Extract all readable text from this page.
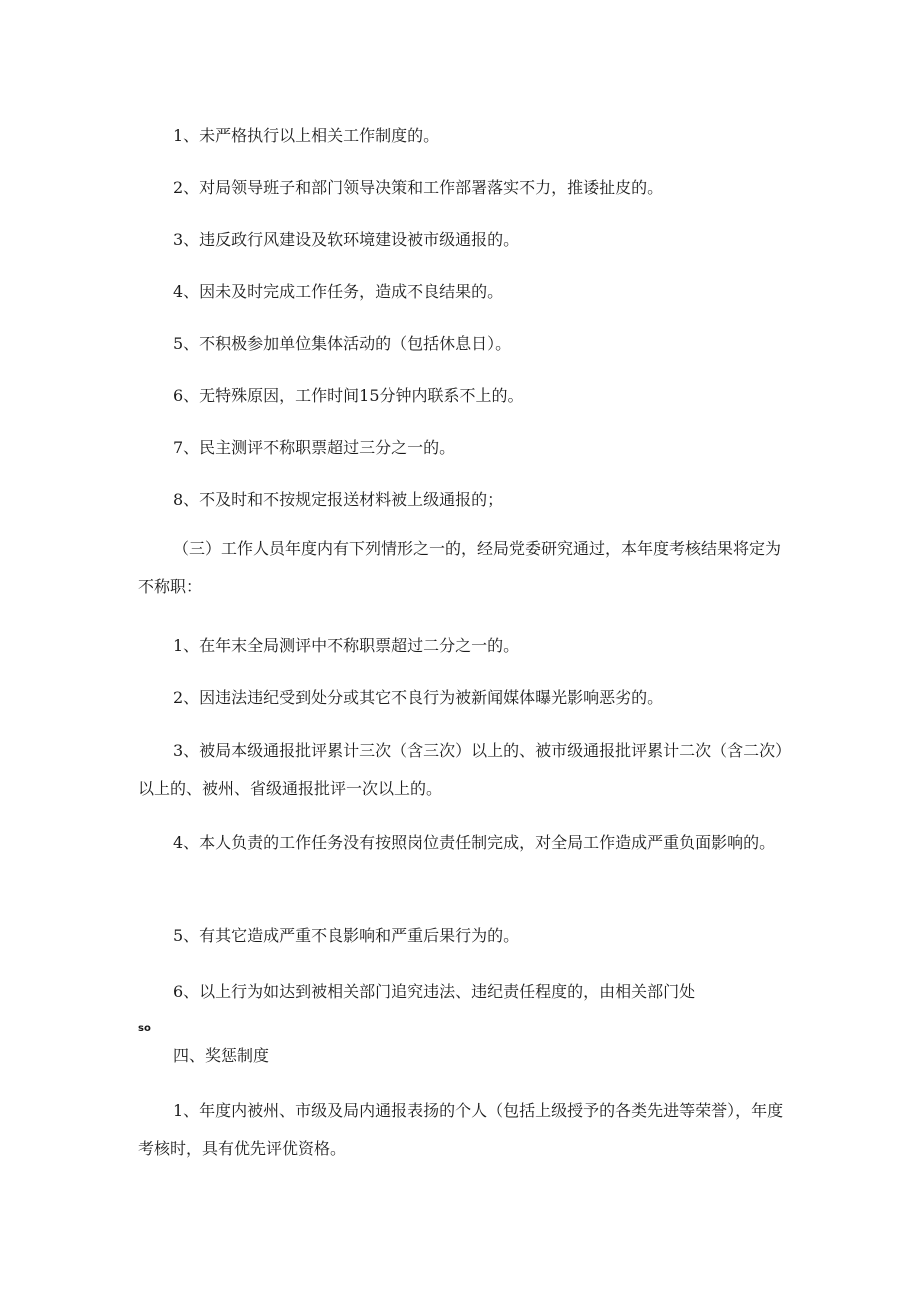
1、未严格执行以上相关工作制度的。
2、对局领导班子和部门领导决策和工作部署落实不力，推诿扯皮的。
3、违反政行风建设及软环境建设被市级通报的。
4、因未及时完成工作任务，造成不良结果的。
5、不积极参加单位集体活动的（包括休息日）。
6、无特殊原因，工作时间15分钟内联系不上的。
7、民主测评不称职票超过三分之一的。
8、不及时和不按规定报送材料被上级通报的；
（三）工作人员年度内有下列情形之一的，经局党委研究通过，本年度考核结果将定为不称职：
1、在年末全局测评中不称职票超过二分之一的。
2、因违法违纪受到处分或其它不良行为被新闻媒体曝光影响恶劣的。
3、被局本级通报批评累计三次（含三次）以上的、被市级通报批评累计二次（含二次）以上的、被州、省级通报批评一次以上的。
4、本人负责的工作任务没有按照岗位责任制完成，对全局工作造成严重负面影响的。
5、有其它造成严重不良影响和严重后果行为的。
6、以上行为如达到被相关部门追究违法、违纪责任程度的，由相关部门处
so
四、奖惩制度
1、年度内被州、市级及局内通报表扬的个人（包括上级授予的各类先进等荣誉），年度考核时，具有优先评优资格。
